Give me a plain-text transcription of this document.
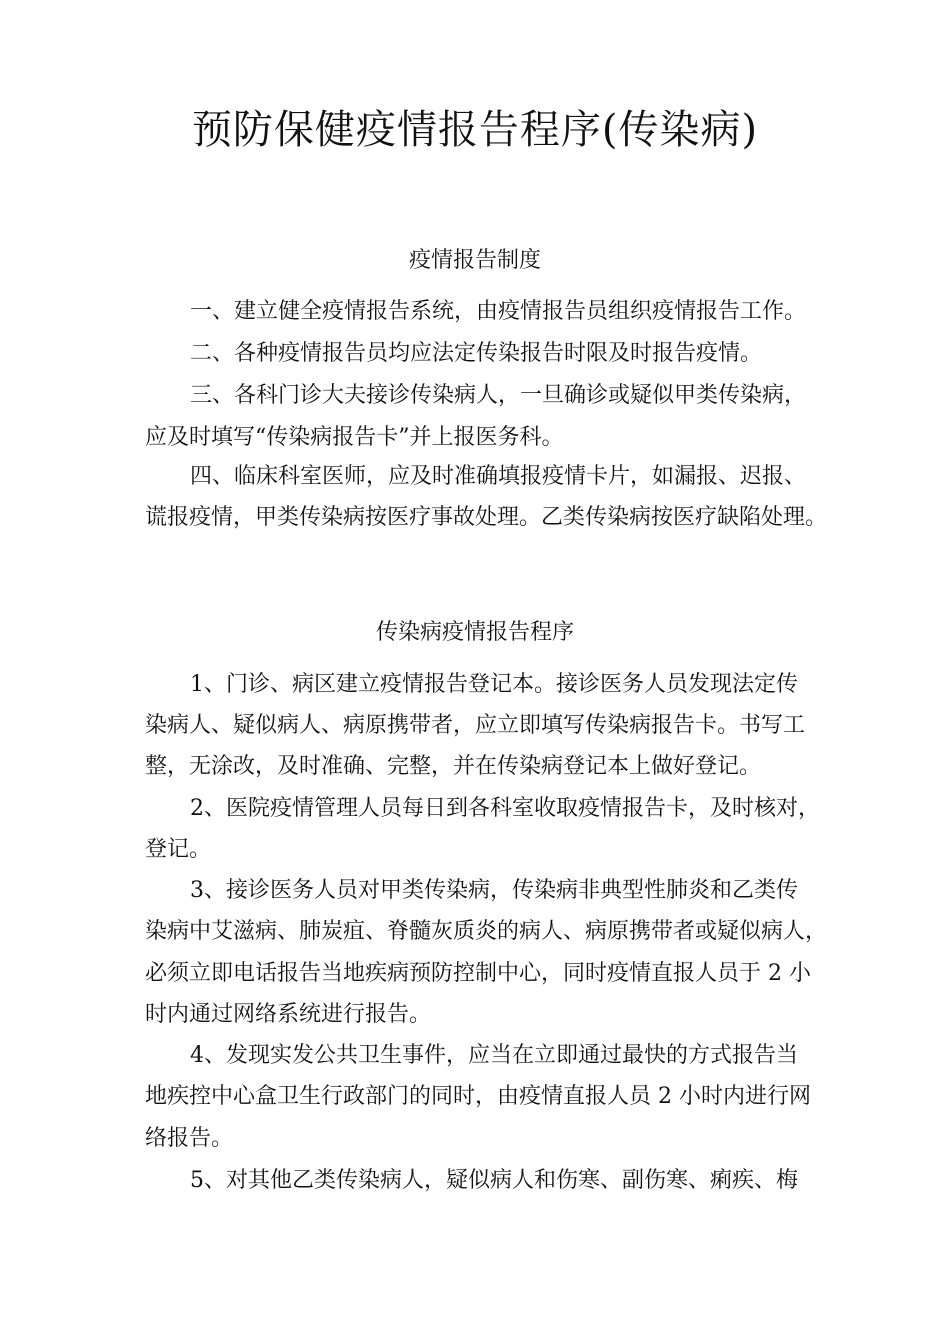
预防保健疫情报告程序(传染病)
疫情报告制度
一、建立健全疫情报告系统，由疫情报告员组织疫情报告工作。
二、各种疫情报告员均应法定传染报告时限及时报告疫情。
三、各科门诊大夫接诊传染病人，一旦确诊或疑似甲类传染病，
应及时填写“传染病报告卡”并上报医务科。
四、临床科室医师，应及时准确填报疫情卡片，如漏报、迟报、
谎报疫情，甲类传染病按医疗事故处理。乙类传染病按医疗缺陷处理。
传染病疫情报告程序
1、门诊、病区建立疫情报告登记本。接诊医务人员发现法定传
染病人、疑似病人、病原携带者，应立即填写传染病报告卡。书写工
整，无涂改，及时准确、完整，并在传染病登记本上做好登记。
2、医院疫情管理人员每日到各科室收取疫情报告卡，及时核对，
登记。
3、接诊医务人员对甲类传染病，传染病非典型性肺炎和乙类传
染病中艾滋病、肺炭疽、脊髓灰质炎的病人、病原携带者或疑似病人，
必须立即电话报告当地疾病预防控制中心，同时疫情直报人员于 2 小
时内通过网络系统进行报告。
4、发现实发公共卫生事件，应当在立即通过最快的方式报告当
地疾控中心盒卫生行政部门的同时，由疫情直报人员 2 小时内进行网
络报告。
5、对其他乙类传染病人，疑似病人和伤寒、副伤寒、痢疾、梅
